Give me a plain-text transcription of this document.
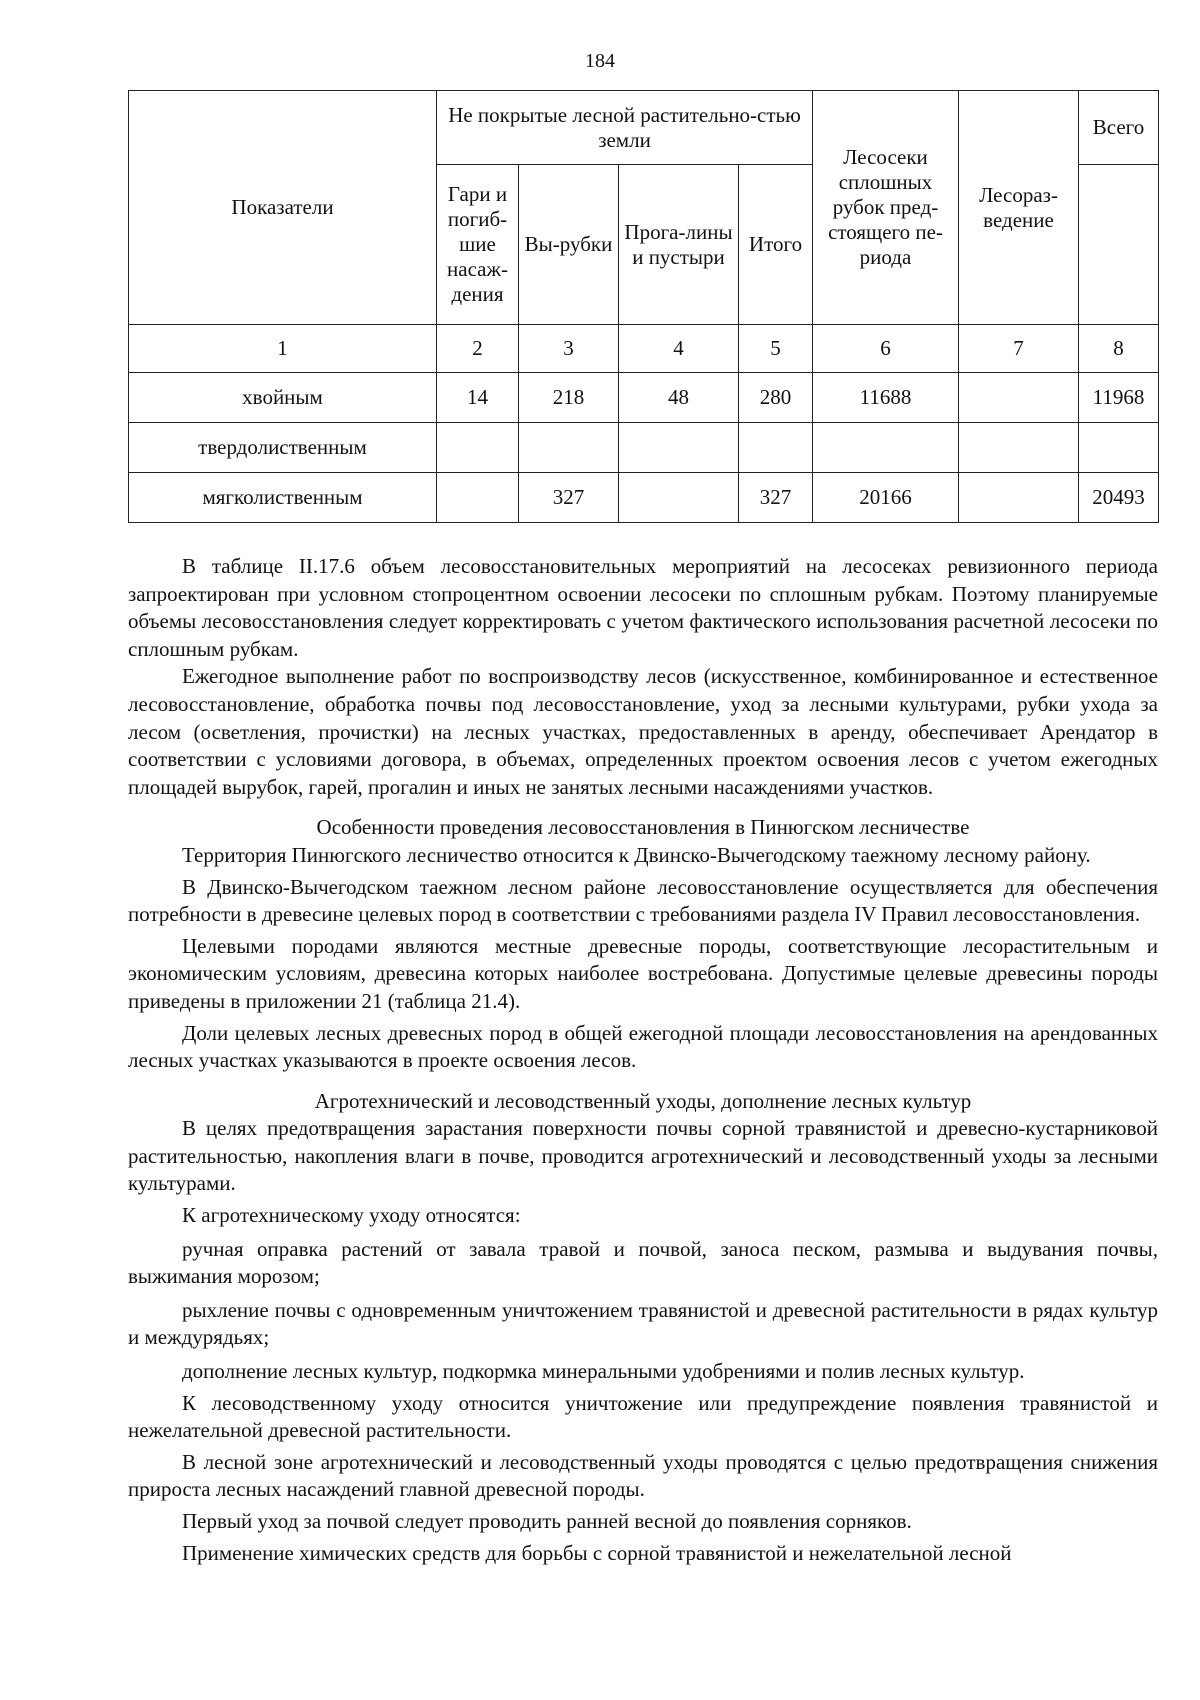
184
Показатели	Не покрытые лесной растительно-стью земли				Лесосеки сплошных рубок пред-стоящего пе-риода	Лесораз-ведение	Всего
	Гари и погиб-шие насаж-дения	Вы-рубки	Прога-лины и пустыри	Итого			
1	2	3	4	5	6	7	8
хвойным	14	218	48	280	11688		11968
твердолиственным							
мягколиственным		327		327	20166		20493

В таблице II.17.6 объем лесовосстановительных мероприятий на лесосеках ревизионного периода запроектирован при условном стопроцентном освоении лесосеки по сплошным рубкам. Поэтому планируемые объемы лесовосстановления следует корректировать с учетом фактического использования расчетной лесосеки по сплошным рубкам.

Ежегодное выполнение работ по воспроизводству лесов (искусственное, комбинированное и естественное лесовосстановление, обработка почвы под лесовосстановление, уход за лесными культурами, рубки ухода за лесом (осветления, прочистки) на лесных участках, предоставленных в аренду, обеспечивает Арендатор в соответствии с условиями договора, в объемах, определенных проектом освоения лесов с учетом ежегодных площадей вырубок, гарей, прогалин и иных не занятых лесными насаждениями участков.

Особенности проведения лесовосстановления в Пинюгском лесничестве

Территория Пинюгского лесничество относится к Двинско-Вычегодскому таежному лесному району.

В Двинско-Вычегодском таежном лесном районе лесовосстановление осуществляется для обеспечения потребности в древесине целевых пород в соответствии с требованиями раздела IV Правил лесовосстановления.

Целевыми породами являются местные древесные породы, соответствующие лесорастительным и экономическим условиям, древесина которых наиболее востребована. Допустимые целевые древесины породы приведены в приложении 21 (таблица 21.4).

Доли целевых лесных древесных пород в общей ежегодной площади лесовосстановления на арендованных лесных участках указываются в проекте освоения лесов.

Агротехнический и лесоводственный уходы, дополнение лесных культур

В целях предотвращения зарастания поверхности почвы сорной травянистой и древесно-кустарниковой растительностью, накопления влаги в почве, проводится агротехнический и лесоводственный уходы за лесными культурами.

К агротехническому уходу относятся:

ручная оправка растений от завала травой и почвой, заноса песком, размыва и выдувания почвы, выжимания морозом;

рыхление почвы с одновременным уничтожением травянистой и древесной растительности в рядах культур и междурядьях;

дополнение лесных культур, подкормка минеральными удобрениями и полив лесных культур.

К лесоводственному уходу относится уничтожение или предупреждение появления травянистой и нежелательной древесной растительности.

В лесной зоне агротехнический и лесоводственный уходы проводятся с целью предотвращения снижения прироста лесных насаждений главной древесной породы.

Первый уход за почвой следует проводить ранней весной до появления сорняков.

Применение химических средств для борьбы с сорной травянистой и нежелательной лесной
